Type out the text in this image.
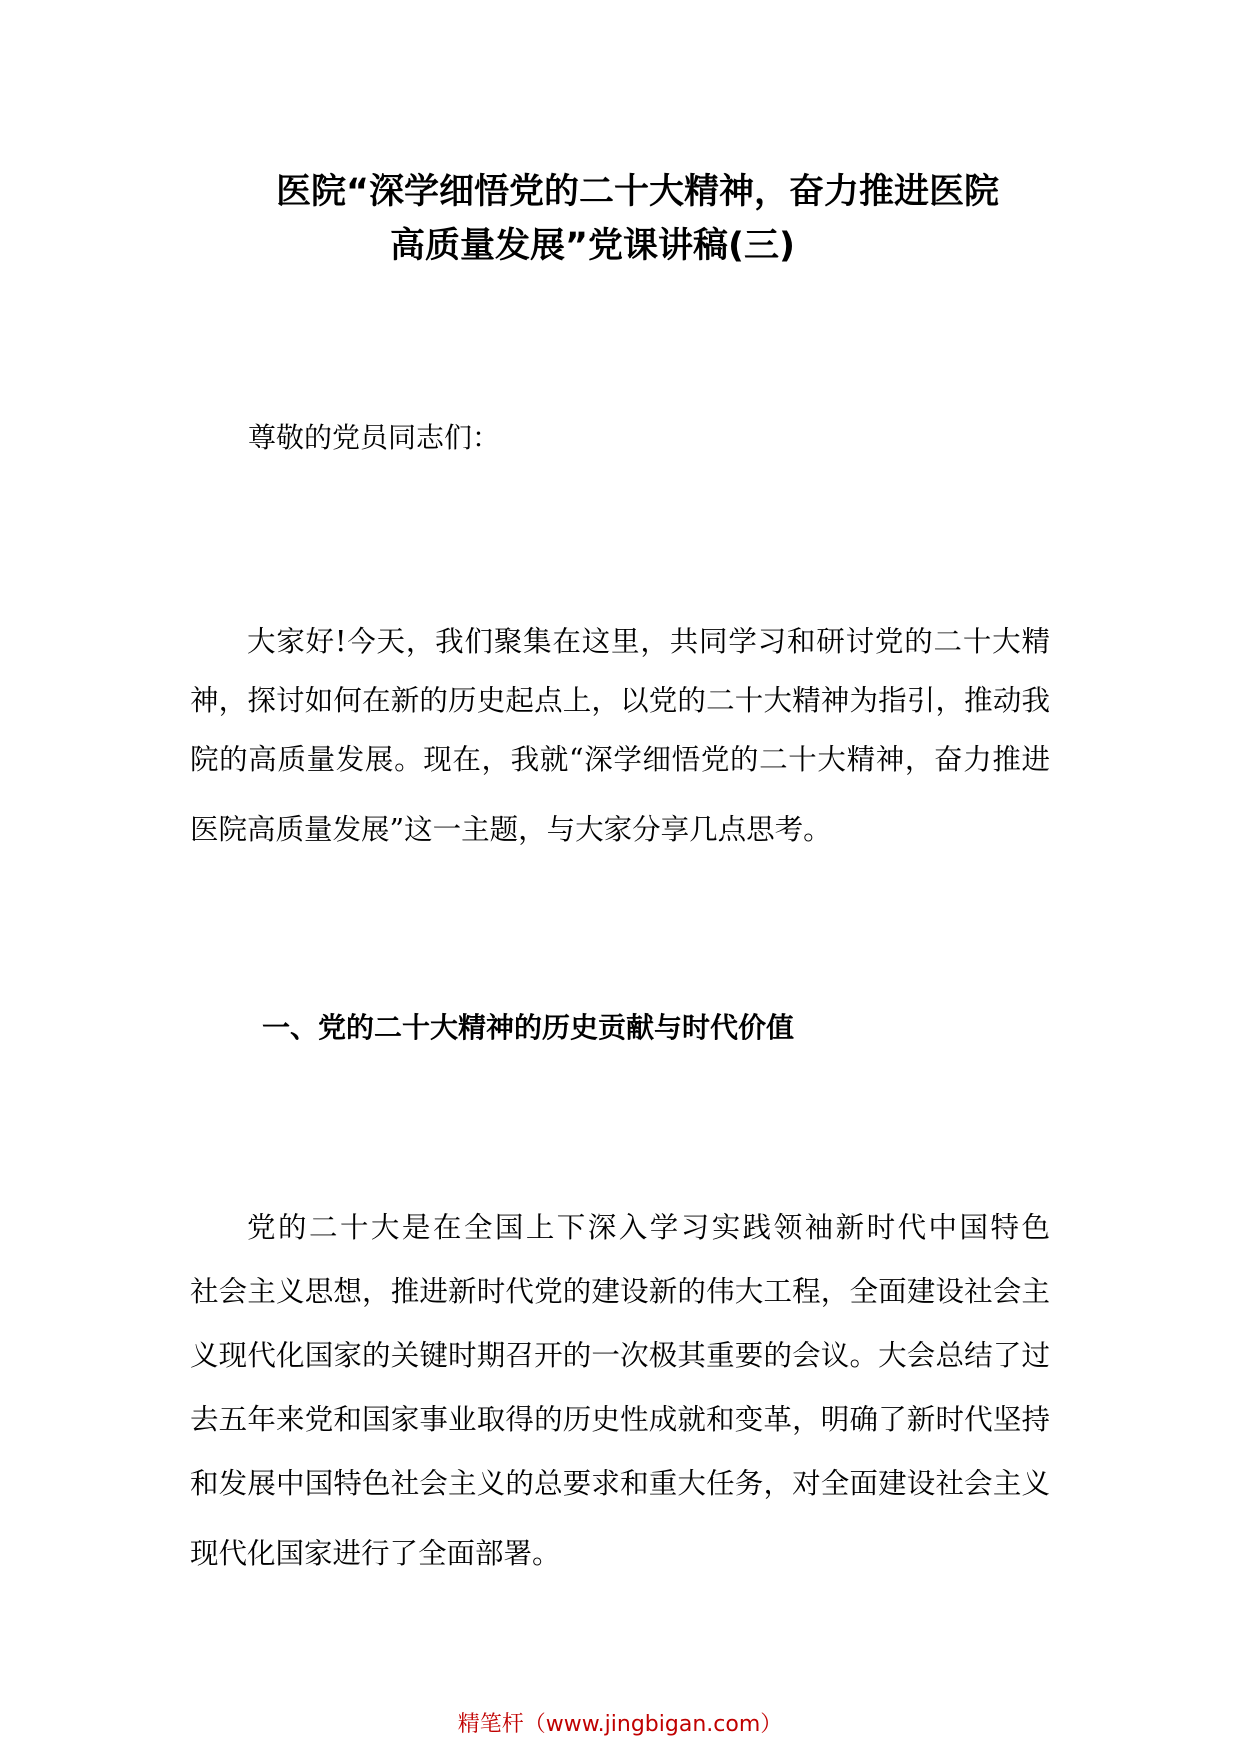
医院“深学细悟党的二十大精神，奋力推进医院
高质量发展”党课讲稿(三)
尊敬的党员同志们：
大家好!今天，我们聚集在这里，共同学习和研讨党的二十大精
神，探讨如何在新的历史起点上，以党的二十大精神为指引，推动我
院的高质量发展。现在，我就“深学细悟党的二十大精神，奋力推进
医院高质量发展”这一主题，与大家分享几点思考。
一、党的二十大精神的历史贡献与时代价值
党的二十大是在全国上下深入学习实践领袖新时代中国特色
社会主义思想，推进新时代党的建设新的伟大工程，全面建设社会主
义现代化国家的关键时期召开的一次极其重要的会议。大会总结了过
去五年来党和国家事业取得的历史性成就和变革，明确了新时代坚持
和发展中国特色社会主义的总要求和重大任务，对全面建设社会主义
现代化国家进行了全面部署。
精笔杆（www.jingbigan.com）
